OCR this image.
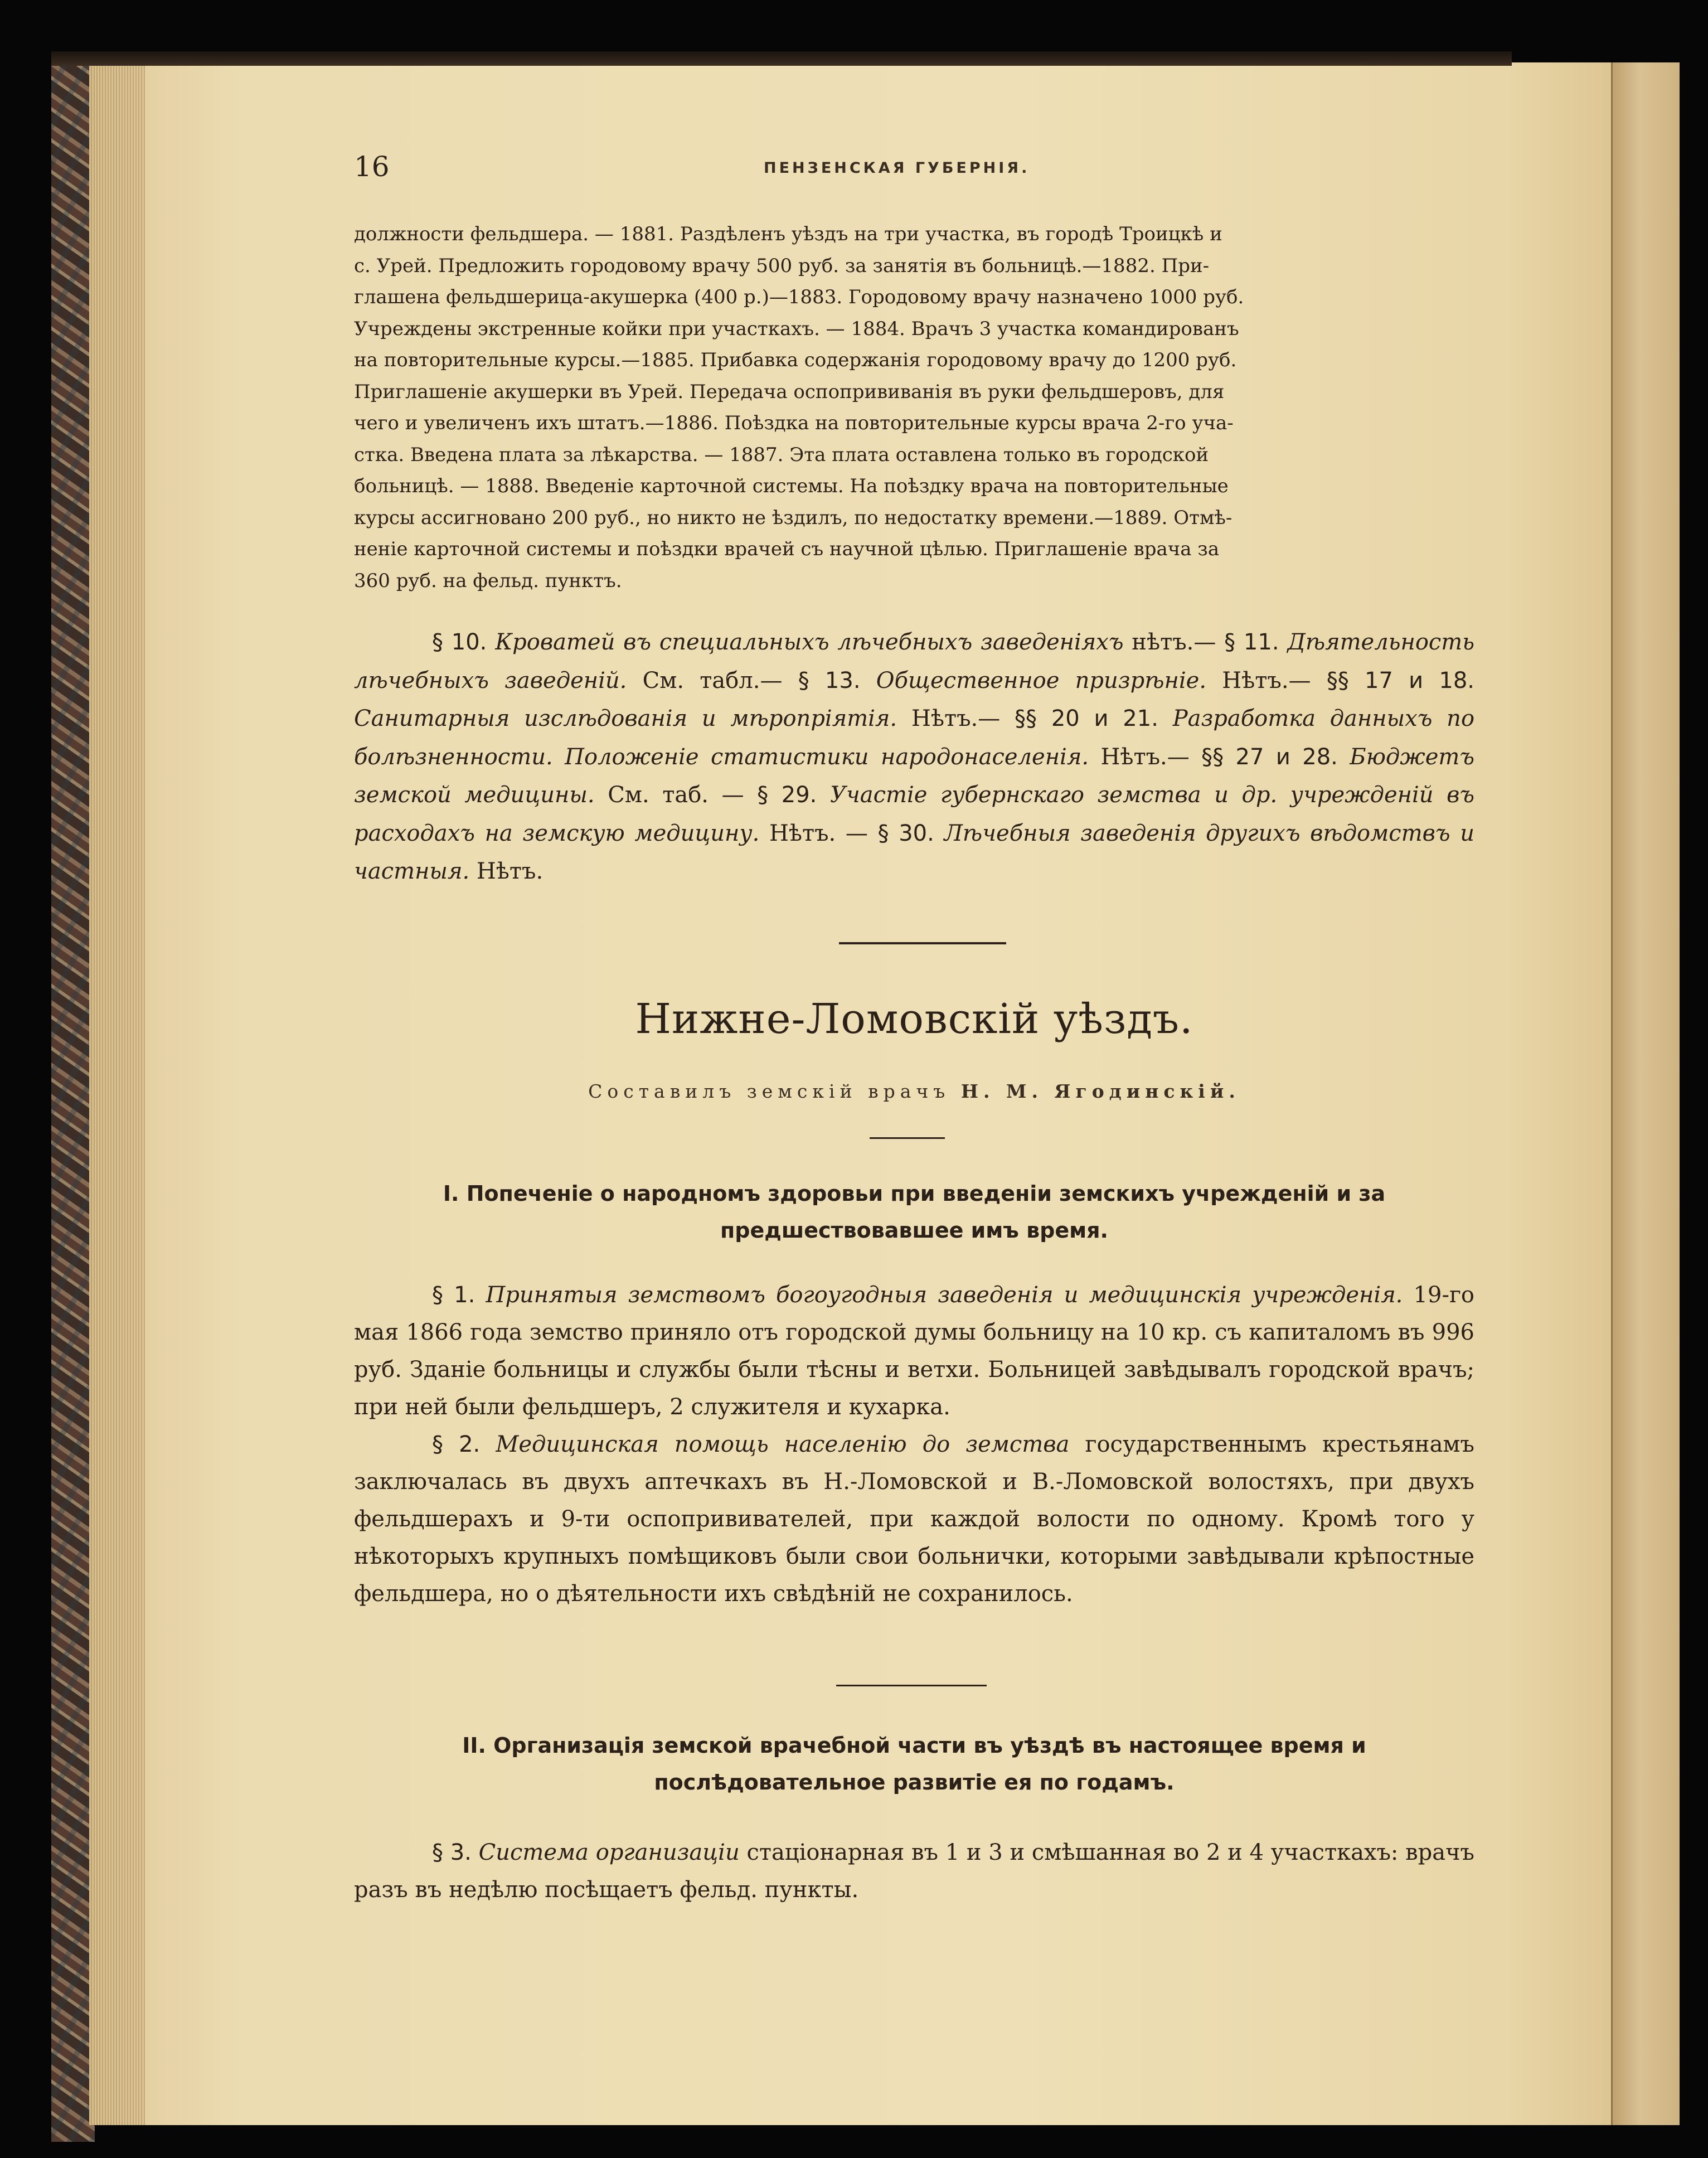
16	ПЕНЗЕНСКАЯ ГУБЕРНІЯ.
должности фельдшера. — 1881. Раздѣленъ уѣздъ на три участка, въ городѣ Троицкѣ и
с. Урей. Предложить городовому врачу 500 руб. за занятія въ больницѣ.—1882. При-
глашена фельдшерица-акушерка (400 р.)—1883. Городовому врачу назначено 1000 руб.
Учреждены экстренные койки при участкахъ. — 1884. Врачъ 3 участка командированъ
на повторительные курсы.—1885. Прибавка содержанія городовому врачу до 1200 руб.
Приглашеніе акушерки въ Урей. Передача оспопрививанія въ руки фельдшеровъ, для
чего и увеличенъ ихъ штатъ.—1886. Поѣздка на повторительные курсы врача 2-го уча-
стка. Введена плата за лѣкарства. — 1887. Эта плата оставлена только въ городской
больницѣ. — 1888. Введеніе карточной системы. На поѣздку врача на повторительные
курсы ассигновано 200 руб., но никто не ѣздилъ, по недостатку времени.—1889. Отмѣ-
неніе карточной системы и поѣздки врачей съ научной цѣлью. Приглашеніе врача за
360 руб. на фельд. пунктъ.
§ 10. Кроватей въ специальныхъ лѣчебныхъ заведеніяхъ нѣтъ.— § 11. Дѣятельность лѣчебныхъ заведеній. См. табл.— § 13. Общественное призрѣніе. Нѣтъ.— §§ 17 и 18. Санитарныя изслѣдованія и мѣропріятія. Нѣтъ.— §§ 20 и 21. Разработка данныхъ по болѣзненности. Положеніе статистики народонаселенія. Нѣтъ.— §§ 27 и 28. Бюджетъ земской медицины. См. таб. — § 29. Участіе губернскаго земства и др. учрежденій въ расходахъ на земскую медицину. Нѣтъ. — § 30. Лѣчебныя заведенія другихъ вѣдомствъ и частныя. Нѣтъ.
Нижне-Ломовскій уѣздъ.
Составилъ земскій врачъ Н. М. Ягодинскій.
I. Попеченіе о народномъ здоровьи при введеніи земскихъ учрежденій и за
предшествовавшее имъ время.

§ 1. Принятыя земствомъ богоугодныя заведенія и медицинскія учрежденія. 19-го мая 1866 года земство приняло отъ городской думы больницу на 10 кр. съ капиталомъ въ 996 руб. Зданіе больницы и службы были тѣсны и ветхи. Больницей завѣдывалъ городской врачъ; при ней были фельдшеръ, 2 служителя и кухарка.

§ 2. Медицинская помощь населенію до земства государственнымъ крестьянамъ заключалась въ двухъ аптечкахъ въ Н.-Ломовской и В.-Ломовской волостяхъ, при двухъ фельдшерахъ и 9-ти оспопрививателей, при каждой волости по одному. Кромѣ того у нѣкоторыхъ крупныхъ помѣщиковъ были свои больнички, которыми завѣдывали крѣпостные фельдшера, но о дѣятельности ихъ свѣдѣній не сохранилось.

II. Организація земской врачебной части въ уѣздѣ въ настоящее время и
послѣдовательное развитіе ея по годамъ.

§ 3. Система организаціи стаціонарная въ 1 и 3 и смѣшанная во 2 и 4 участкахъ: врачъ разъ въ недѣлю посѣщаетъ фельд. пункты.
